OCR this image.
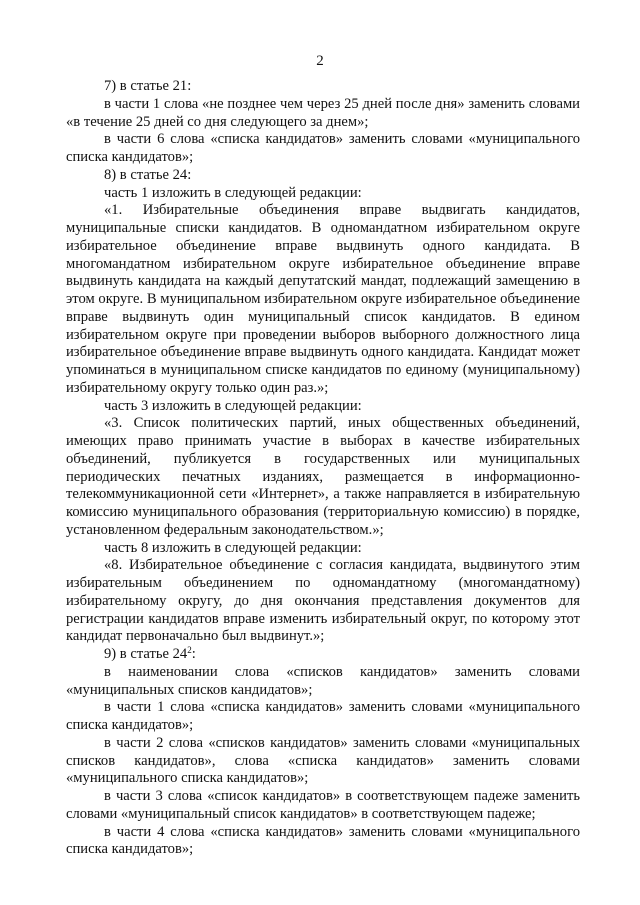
2

7) в статье 21:

в части 1 слова «не позднее чем через 25 дней после дня» заменить словами «в течение 25 дней со дня следующего за днем»;

в части 6 слова «списка кандидатов» заменить словами «муниципального списка кандидатов»;

8) в статье 24:

часть 1 изложить в следующей редакции:

«1. Избирательные объединения вправе выдвигать кандидатов, муниципальные списки кандидатов. В одномандатном избирательном округе избирательное объединение вправе выдвинуть одного кандидата. В многомандатном избирательном округе избирательное объединение вправе выдвинуть кандидата на каждый депутатский мандат, подлежащий замещению в этом округе. В муниципальном избирательном округе избирательное объединение вправе выдвинуть один муниципальный список кандидатов. В едином избирательном округе при проведении выборов выборного должностного лица избирательное объединение вправе выдвинуть одного кандидата. Кандидат может упоминаться в муниципальном списке кандидатов по единому (муниципальному) избирательному округу только один раз.»;

часть 3 изложить в следующей редакции:

«3. Список политических партий, иных общественных объединений, имеющих право принимать участие в выборах в качестве избирательных объединений, публикуется в государственных или муниципальных периодических печатных изданиях, размещается в информационно-телекоммуникационной сети «Интернет», а также направляется в избирательную комиссию муниципального образования (территориальную комиссию) в порядке, установленном федеральным законодательством.»;

часть 8 изложить в следующей редакции:

«8. Избирательное объединение с согласия кандидата, выдвинутого этим избирательным объединением по одномандатному (многомандатному) избирательному округу, до дня окончания представления документов для регистрации кандидатов вправе изменить избирательный округ, по которому этот кандидат первоначально был выдвинут.»;

9) в статье $24^2$:

в наименовании слова «списков кандидатов» заменить словами «муниципальных списков кандидатов»;

в части 1 слова «списка кандидатов» заменить словами «муниципального списка кандидатов»;

в части 2 слова «списков кандидатов» заменить словами «муниципальных списков кандидатов», слова «списка кандидатов» заменить словами «муниципального списка кандидатов»;

в части 3 слова «список кандидатов» в соответствующем падеже заменить словами «муниципальный список кандидатов» в соответствующем падеже;

в части 4 слова «списка кандидатов» заменить словами «муниципального списка кандидатов»;
